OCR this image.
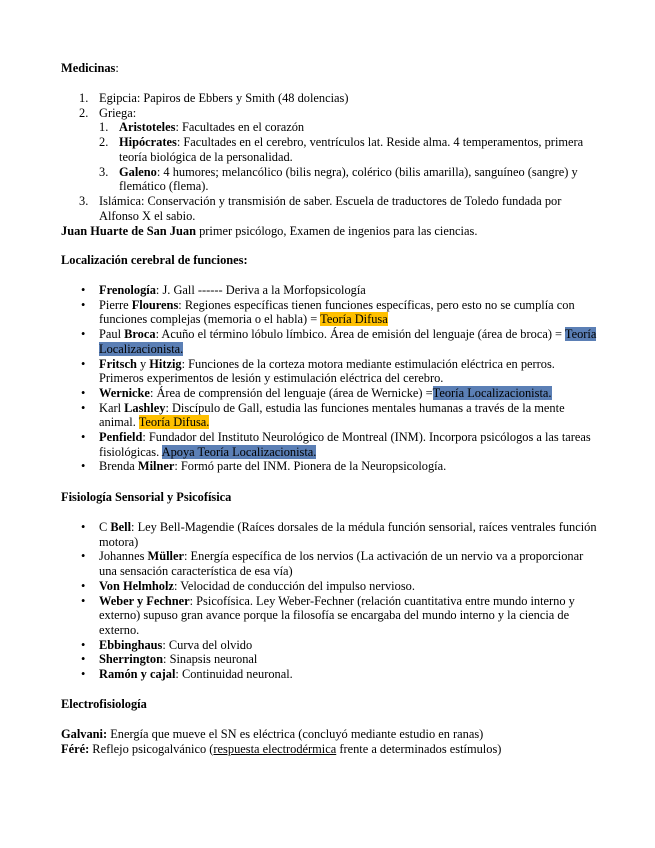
Medicinas:

1. Egipcia: Papiros de Ebbers y Smith (48 dolencias)
2. Griega:
1. Aristoteles: Facultades en el corazón
2. Hipócrates: Facultades en el cerebro, ventrículos lat. Reside alma. 4 temperamentos, primera teoría biológica de la personalidad.
3. Galeno: 4 humores; melancólico (bilis negra), colérico (bilis amarilla), sanguíneo (sangre) y flemático (flema).
3. Islámica: Conservación y transmisión de saber. Escuela de traductores de Toledo fundada por Alfonso X el sabio.

Juan Huarte de San Juan primer psicólogo, Examen de ingenios para las ciencias.

Localización cerebral de funciones:

• Frenología: J. Gall ------ Deriva a la Morfopsicología
• Pierre Flourens: Regiones específicas tienen funciones específicas, pero esto no se cumplía con funciones complejas (memoria o el habla) = Teoría Difusa
• Paul Broca: Acuño el término lóbulo límbico. Área de emisión del lenguaje (área de broca) = Teoría Localizacionista.
• Fritsch y Hitzig: Funciones de la corteza motora mediante estimulación eléctrica en perros. Primeros experimentos de lesión y estimulación eléctrica del cerebro.
• Wernicke: Área de comprensión del lenguaje (área de Wernicke) =Teoría Localizacionista.
• Karl Lashley: Discípulo de Gall, estudia las funciones mentales humanas a través de la mente animal. Teoría Difusa.
• Penfield: Fundador del Instituto Neurológico de Montreal (INM). Incorpora psicólogos a las tareas fisiológicas. Apoya Teoría Localizacionista.
• Brenda Milner: Formó parte del INM. Pionera de la Neuropsicología.

Fisiología Sensorial y Psicofísica

• C Bell: Ley Bell-Magendie (Raíces dorsales de la médula función sensorial, raíces ventrales función motora)
• Johannes Müller: Energía específica de los nervios (La activación de un nervio va a proporcionar una sensación característica de esa vía)
• Von Helmholz: Velocidad de conducción del impulso nervioso.
• Weber y Fechner: Psicofísica. Ley Weber-Fechner (relación cuantitativa entre mundo interno y externo) supuso gran avance porque la filosofía se encargaba del mundo interno y la ciencia de externo.
• Ebbinghaus: Curva del olvido
• Sherrington: Sinapsis neuronal
• Ramón y cajal: Continuidad neuronal.

Electrofisiología

Galvani: Energía que mueve el SN es eléctrica (concluyó mediante estudio en ranas)

Féré: Reflejo psicogalvánico (respuesta electrodérmica frente a determinados estímulos)
